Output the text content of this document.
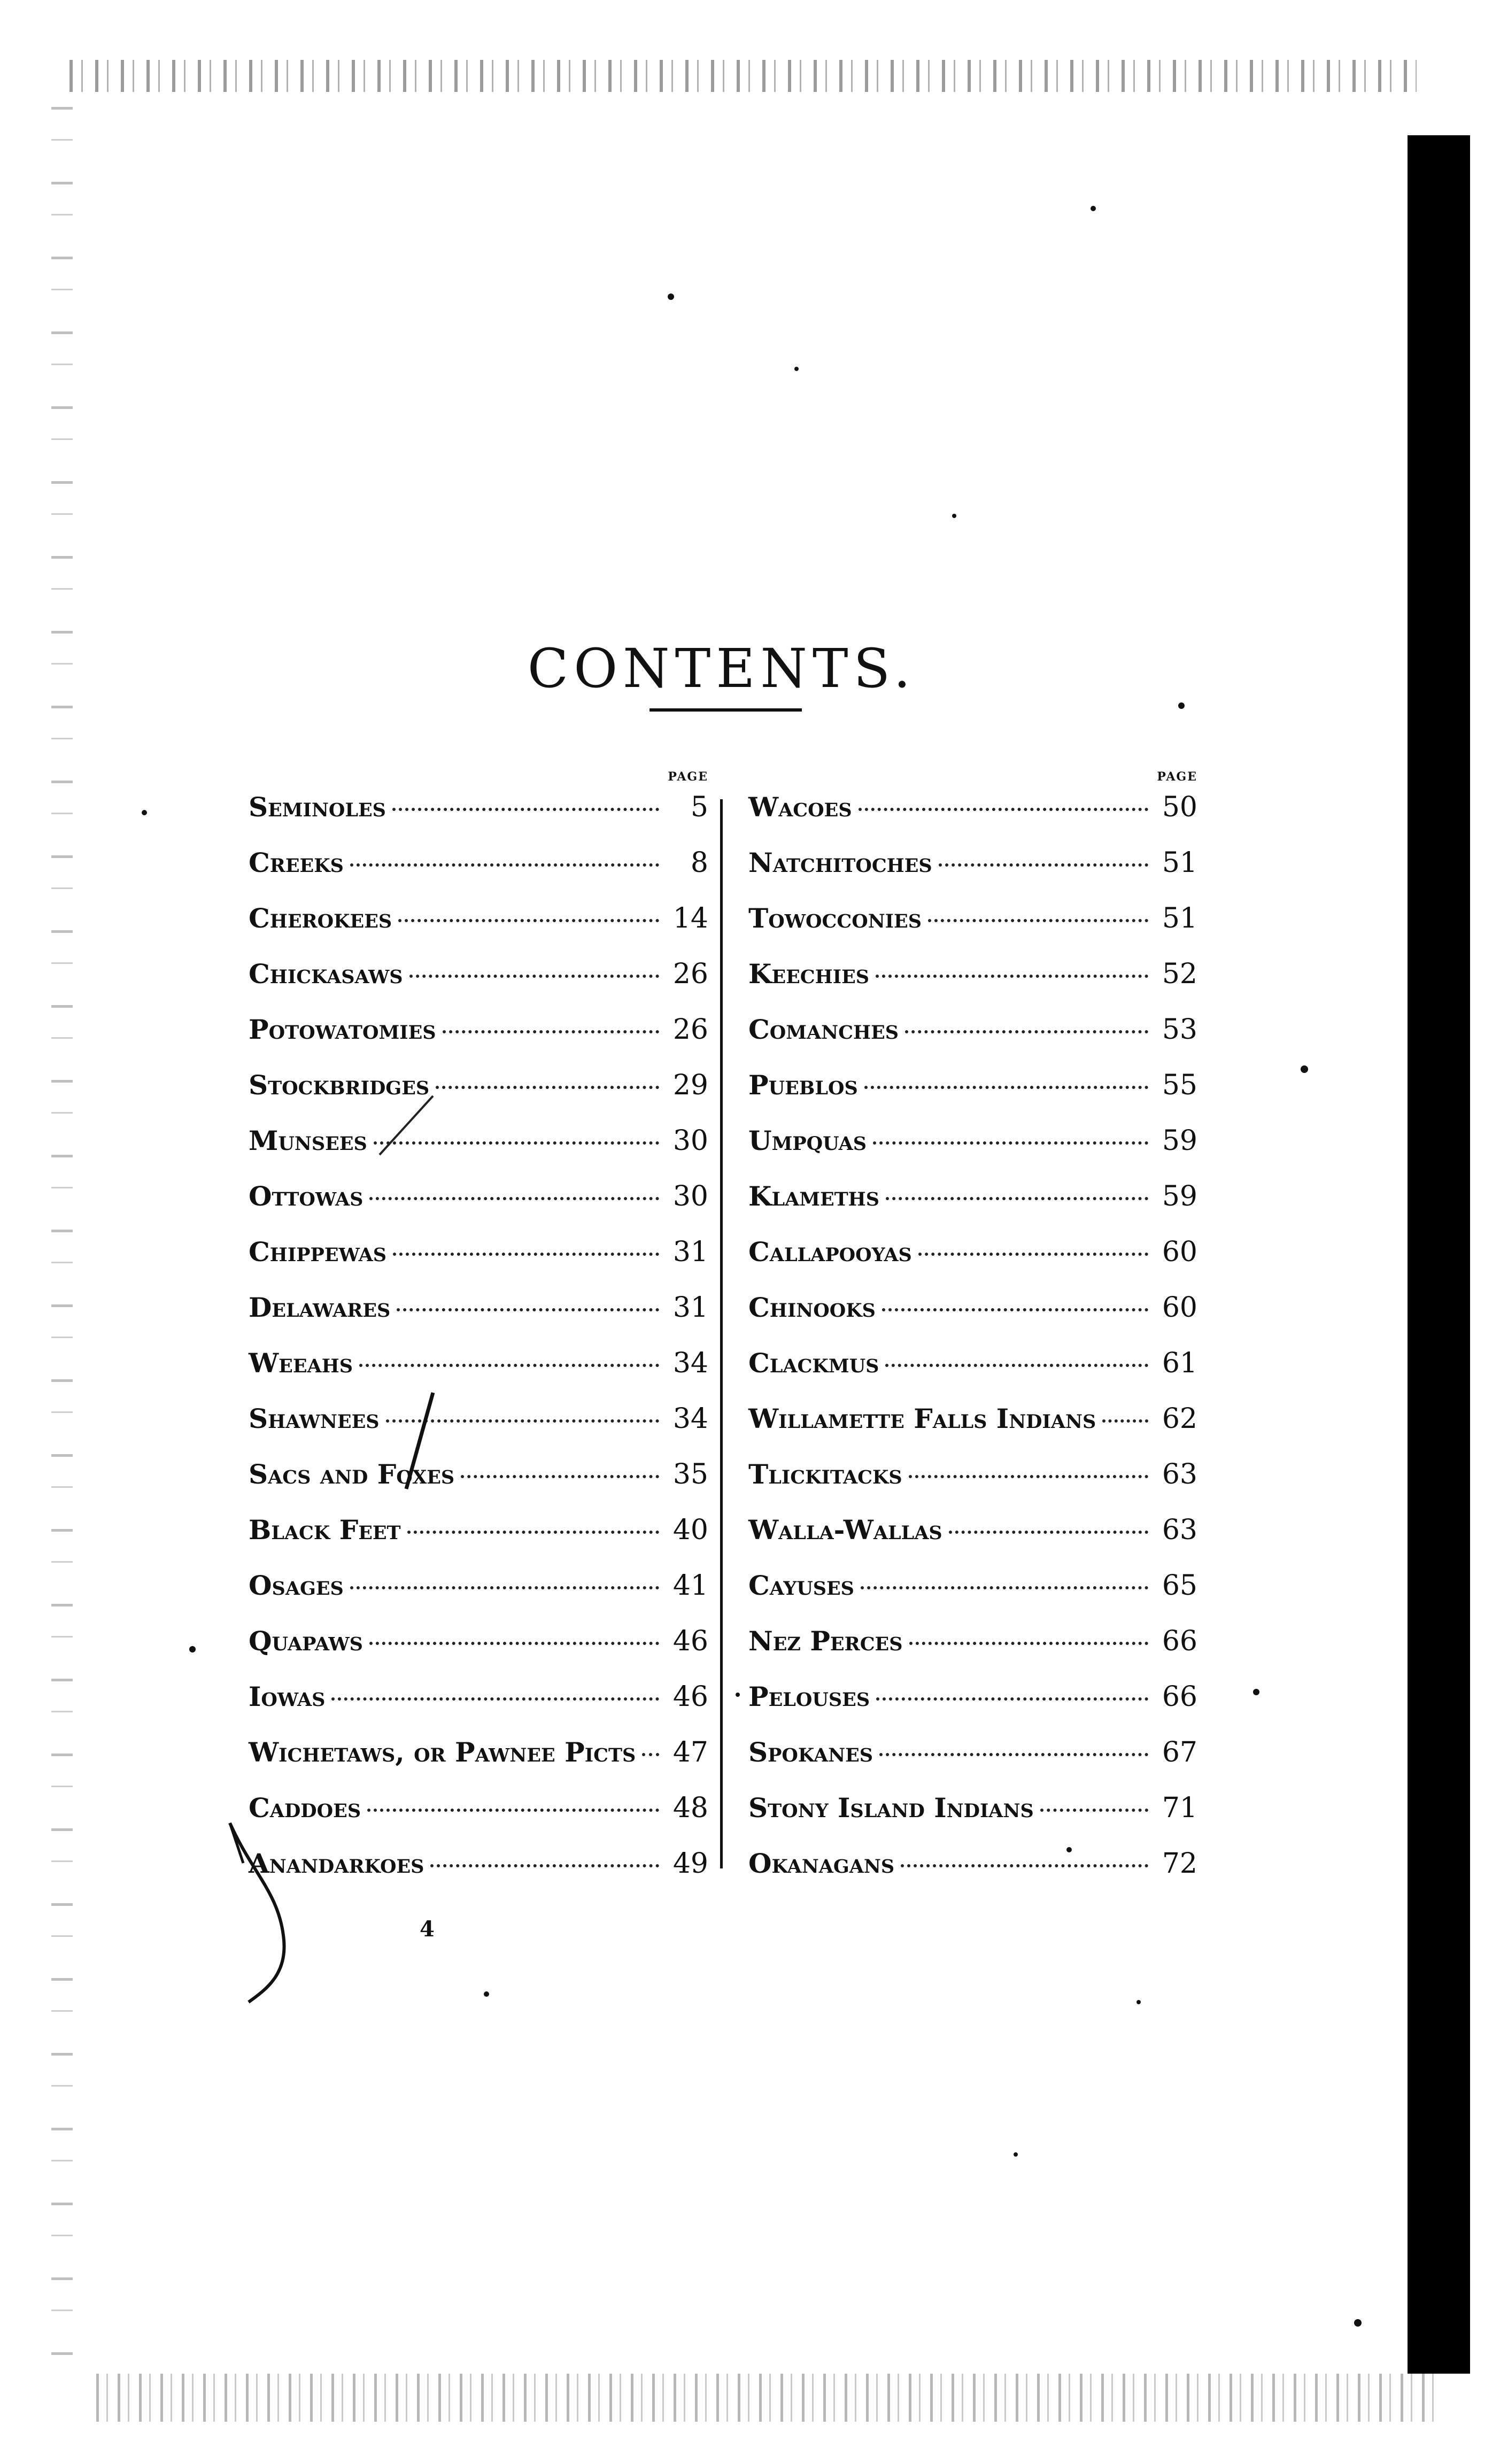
CONTENTS.
PAGE
Seminoles	5
Creeks	8
Cherokees	14
Chickasaws	26
Potowatomies	26
Stockbridges	29
Munsees	30
Ottowas	30
Chippewas	31
Delawares	31
Weeahs	34
Shawnees	34
Sacs and Foxes	35
Black Feet	40
Osages	41
Quapaws	46
Iowas	46
Wichetaws, or Pawnee Picts 47
Caddoes	48
Anandarkoes	49
PAGE
Wacoes	50
Natchitoches	51
Towocconies	51
Keechies	52
Comanches	53
Pueblos	55
Umpquas	59
Klameths	59
Callapooyas	60
Chinooks	60
Clackmus	61
Willamette Falls Indians 62
Tlickitacks	63
Walla-Wallas	63
Cayuses	65
Nez Perces	66
Pelouses	66
Spokanes	67
Stony Island Indians	71
Okanagans	72
4
